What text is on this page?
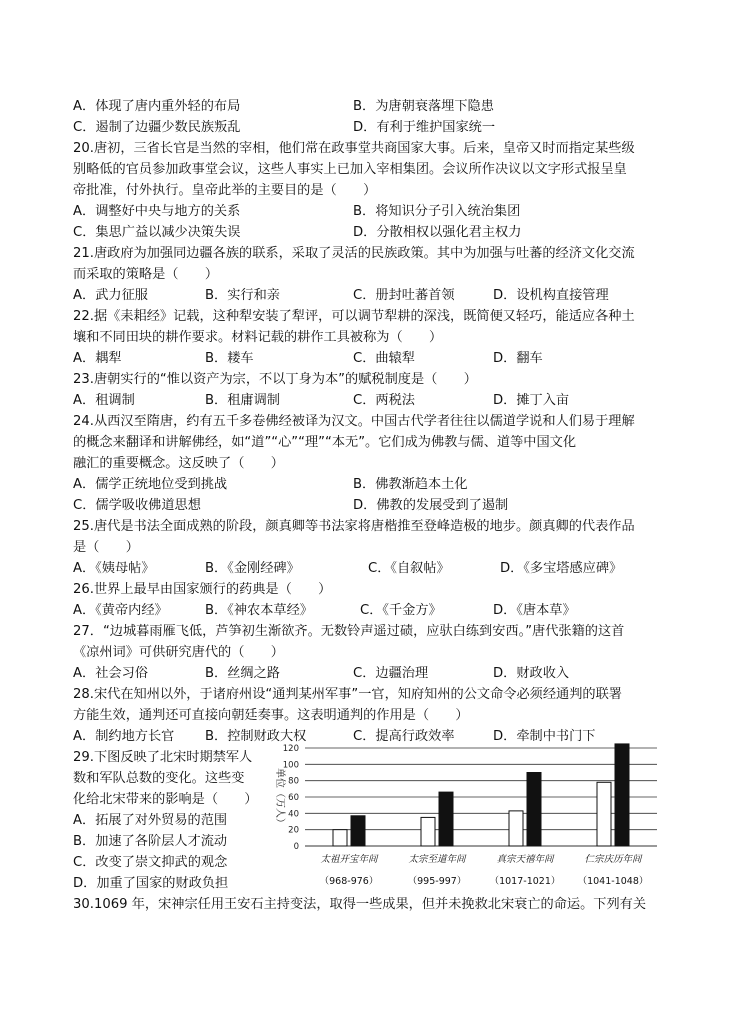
A．体现了唐内重外轻的布局	B．为唐朝衰落埋下隐患
C．遏制了边疆少数民族叛乱	D．有利于维护国家统一
20.唐初，三省长官是当然的宰相，他们常在政事堂共商国家大事。后来，皇帝又时而指定某些级
别略低的官员参加政事堂会议，这些人事实上已加入宰相集团。会议所作决议以文字形式报呈皇
帝批准，付外执行。皇帝此举的主要目的是（　　）
A．调整好中央与地方的关系	B．将知识分子引入统治集团
C．集思广益以减少决策失误	D．分散相权以强化君主权力
21.唐政府为加强同边疆各族的联系，采取了灵活的民族政策。其中为加强与吐蕃的经济文化交流
而采取的策略是（　　）
A．武力征服	B．实行和亲	C．册封吐蕃首领	D．设机构直接管理
22.据《耒耜经》记载，这种犁安装了犁评，可以调节犁耕的深浅，既简便又轻巧，能适应各种土
壤和不同田块的耕作要求。材料记载的耕作工具被称为（　　）
A．耦犁	B．耧车	C．曲辕犁	D．翻车
23.唐朝实行的“惟以资产为宗，不以丁身为本”的赋税制度是（　　）
A．租调制	B．租庸调制	C．两税法	D．摊丁入亩
24.从西汉至隋唐，约有五千多卷佛经被译为汉文。中国古代学者往往以儒道学说和人们易于理解
的概念来翻译和讲解佛经，如“道”“心”“理”“本无”。它们成为佛教与儒、道等中国文化
融汇的重要概念。这反映了（　　）
A．儒学正统地位受到挑战	B．佛教渐趋本土化
C．儒学吸收佛道思想	D．佛教的发展受到了遏制
25.唐代是书法全面成熟的阶段，颜真卿等书法家将唐楷推至登峰造极的地步。颜真卿的代表作品
是（　　）
A．《姨母帖》	B．《金刚经碑》	C．《自叙帖》	D．《多宝塔感应碑》
26.世界上最早由国家颁行的药典是（　　）
A．《黄帝内经》	B．《神农本草经》	C．《千金方》	D．《唐本草》
27．“边城暮雨雁飞低，芦笋初生渐欲齐。无数铃声遥过碛，应驮白练到安西。”唐代张籍的这首
《凉州词》可供研究唐代的（　　）
A．社会习俗	B．丝绸之路	C．边疆治理	D．财政收入
28.宋代在知州以外，于诸府州设“通判某州军事”一官，知府知州的公文命令必须经通判的联署
方能生效，通判还可直接向朝廷奏事。这表明通判的作用是（　　）
A．制约地方长官 B．控制财政大权	C．提高行政效率	D．牵制中书门下
29.下图反映了北宋时期禁军人
数和军队总数的变化。这些变
化给北宋带来的影响是（　　）
A．拓展了对外贸易的范围
B．加速了各阶层人才流动
C．改变了崇文抑武的观念
D．加重了国家的财政负担
0
20
40
60
80
100
120
单位（万人）
太祖开宝年间
（968-976）
太宗至道年间
（995-997）
真宗天禧年间
（1017-1021）
仁宗庆历年间
（1041-1048）
30.1069 年，宋神宗任用王安石主持变法，取得一些成果，但并未挽救北宋衰亡的命运。下列有关
